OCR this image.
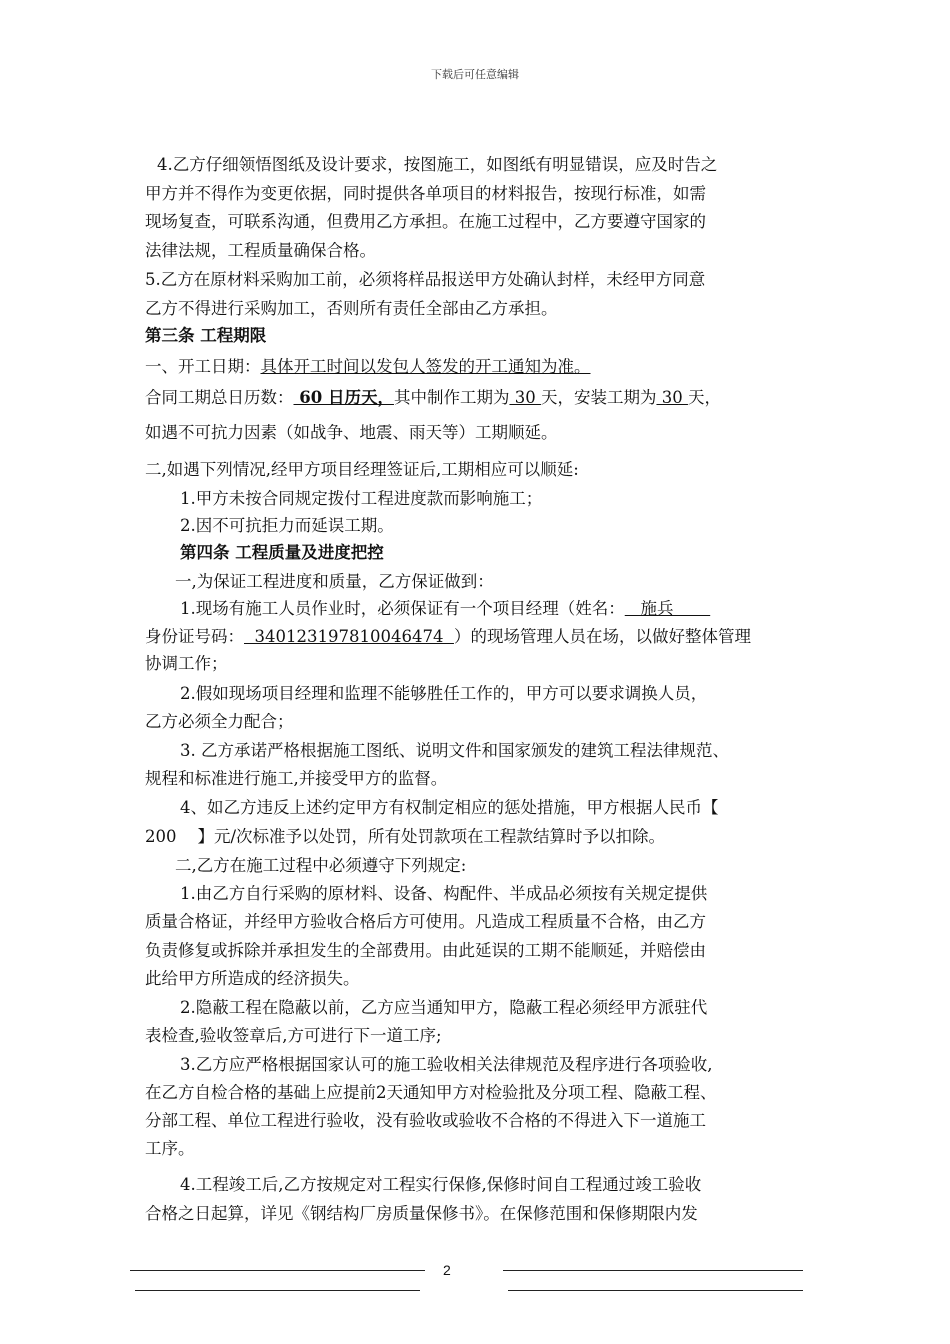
下载后可任意编辑
4.乙方仔细领悟图纸及设计要求，按图施工，如图纸有明显错误，应及时告之
甲方并不得作为变更依据，同时提供各单项目的材料报告，按现行标准，如需
现场复查，可联系沟通，但费用乙方承担。在施工过程中，乙方要遵守国家的
法律法规，工程质量确保合格。
5.乙方在原材料采购加工前，必须将样品报送甲方处确认封样，未经甲方同意
乙方不得进行采购加工，否则所有责任全部由乙方承担。
第三条 工程期限
一、开工日期：具体开工时间以发包人签发的开工通知为准。
合同工期总日历数： 60 日历天，其中制作工期为 30 天，安装工期为 30 天，
如遇不可抗力因素（如战争、地震、雨天等）工期顺延。
二,如遇下列情况,经甲方项目经理签证后,工期相应可以顺延:
1.甲方未按合同规定拨付工程进度款而影响施工；
2.因不可抗拒力而延误工期。
第四条 工程质量及进度把控
一,为保证工程进度和质量，乙方保证做到：
1.现场有施工人员作业时，必须保证有一个项目经理（姓名：   施兵
身份证号码：  340123197810046474  ）的现场管理人员在场，以做好整体管理
协调工作；
2.假如现场项目经理和监理不能够胜任工作的，甲方可以要求调换人员，
乙方必须全力配合；
3. 乙方承诺严格根据施工图纸、说明文件和国家颁发的建筑工程法律规范、
规程和标准进行施工,并接受甲方的监督。
4、如乙方违反上述约定甲方有权制定相应的惩处措施，甲方根据人民币【
200    】元/次标准予以处罚，所有处罚款项在工程款结算时予以扣除。
二,乙方在施工过程中必须遵守下列规定:
1.由乙方自行采购的原材料、设备、构配件、半成品必须按有关规定提供
质量合格证，并经甲方验收合格后方可使用。凡造成工程质量不合格，由乙方
负责修复或拆除并承担发生的全部费用。由此延误的工期不能顺延，并赔偿由
此给甲方所造成的经济损失。
2.隐蔽工程在隐蔽以前，乙方应当通知甲方，隐蔽工程必须经甲方派驻代
表检查,验收签章后,方可进行下一道工序;
3.乙方应严格根据国家认可的施工验收相关法律规范及程序进行各项验收,
在乙方自检合格的基础上应提前2天通知甲方对检验批及分项工程、隐蔽工程、
分部工程、单位工程进行验收，没有验收或验收不合格的不得进入下一道施工
工序。
4.工程竣工后,乙方按规定对工程实行保修,保修时间自工程通过竣工验收
合格之日起算，详见《钢结构厂房质量保修书》。在保修范围和保修期限内发
2
